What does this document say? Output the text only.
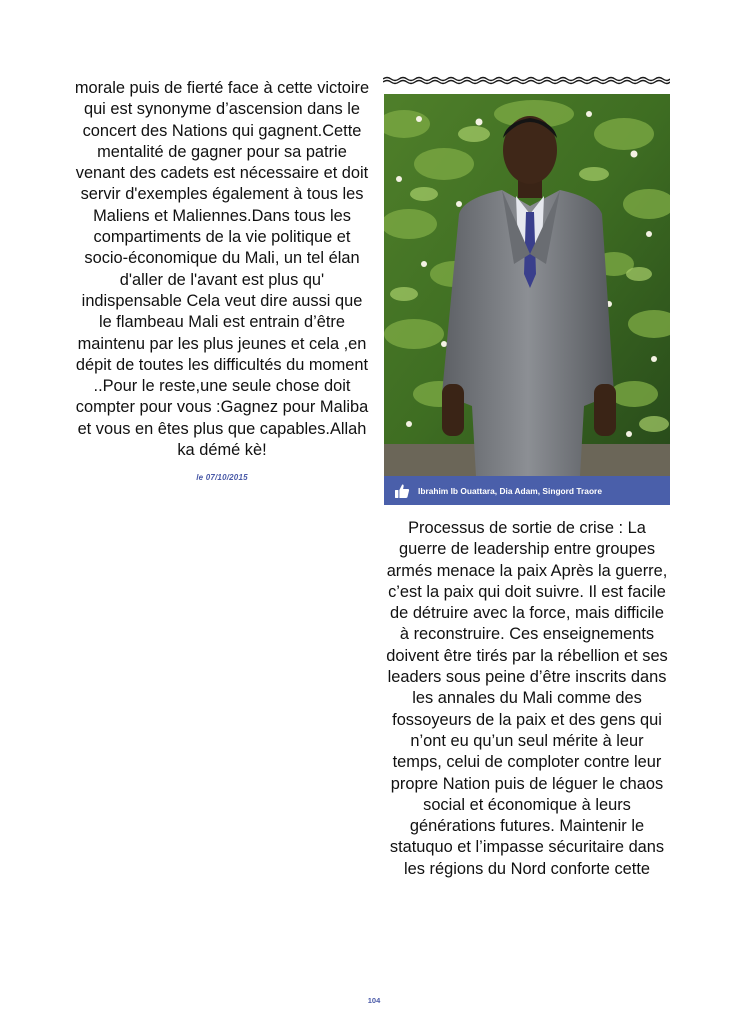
morale puis de fierté face à cette victoire qui est synonyme d’ascension dans le concert des Nations qui gagnent.Cette mentalité de gagner pour sa patrie venant des cadets est nécessaire et doit servir d'exemples également à tous les Maliens et Maliennes.Dans tous les compartiments de la vie politique et socio-économique du Mali, un tel élan d'aller de l'avant est plus qu' indispensable Cela veut dire aussi que le flambeau Mali est entrain d’être maintenu par les plus jeunes et cela ,en dépit de toutes les difficultés du moment ..Pour le reste,une seule chose doit compter pour vous :Gagnez pour Maliba et vous en êtes plus que capables.Allah ka démé kè!
le 07/10/2015
Ibrahim Ib Ouattara, Dia Adam, Singord Traore
Processus de sortie de crise : La guerre de leadership entre groupes armés menace la paix Après la guerre, c’est la paix qui doit suivre. Il est facile de détruire avec la force, mais difficile à reconstruire. Ces enseignements doivent être tirés par la rébellion et ses leaders sous peine d’être inscrits dans les annales du Mali comme des fossoyeurs de la paix et des gens qui n’ont eu qu’un seul mérite à leur temps, celui de comploter contre leur propre Nation puis de léguer le chaos social et économique à leurs générations futures. Maintenir le statuquo et l’impasse sécuritaire dans les régions du Nord conforte cette
104
